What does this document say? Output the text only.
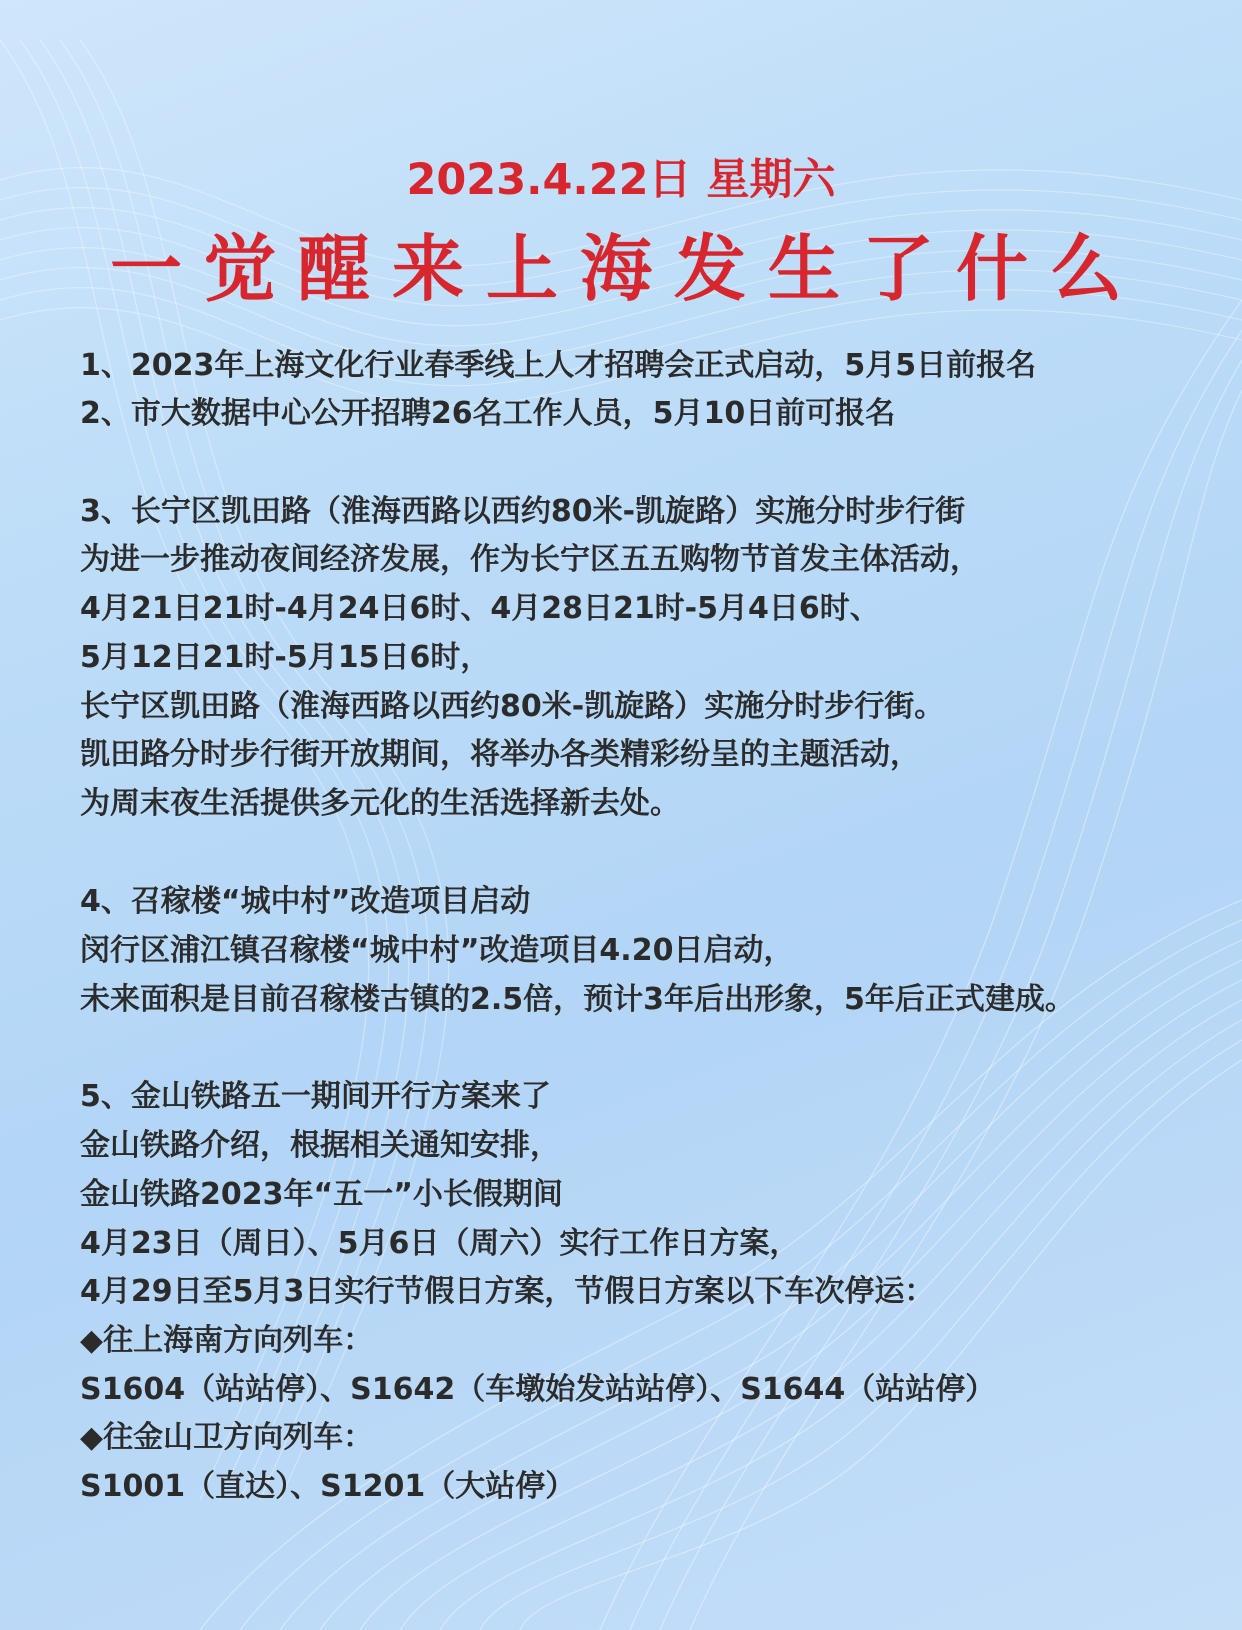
2023.4.22日 星期六
一觉醒来上海发生了什么
1、2023年上海文化行业春季线上人才招聘会正式启动，5月5日前报名
2、市大数据中心公开招聘26名工作人员，5月10日前可报名
3、长宁区凯田路（淮海西路以西约80米-凯旋路）实施分时步行街
为进一步推动夜间经济发展，作为长宁区五五购物节首发主体活动，
4月21日21时-4月24日6时、4月28日21时-5月4日6时、
5月12日21时-5月15日6时，
长宁区凯田路（淮海西路以西约80米-凯旋路）实施分时步行街。
凯田路分时步行街开放期间，将举办各类精彩纷呈的主题活动，
为周末夜生活提供多元化的生活选择新去处。
4、召稼楼“城中村”改造项目启动
闵行区浦江镇召稼楼“城中村”改造项目4.20日启动，
未来面积是目前召稼楼古镇的2.5倍，预计3年后出形象，5年后正式建成。
5、金山铁路五一期间开行方案来了
金山铁路介绍，根据相关通知安排，
金山铁路2023年“五一”小长假期间
4月23日（周日）、5月6日（周六）实行工作日方案，
4月29日至5月3日实行节假日方案，节假日方案以下车次停运：
◆往上海南方向列车：
S1604（站站停）、S1642（车墩始发站站停）、S1644（站站停）
◆往金山卫方向列车：
S1001（直达）、S1201（大站停）
